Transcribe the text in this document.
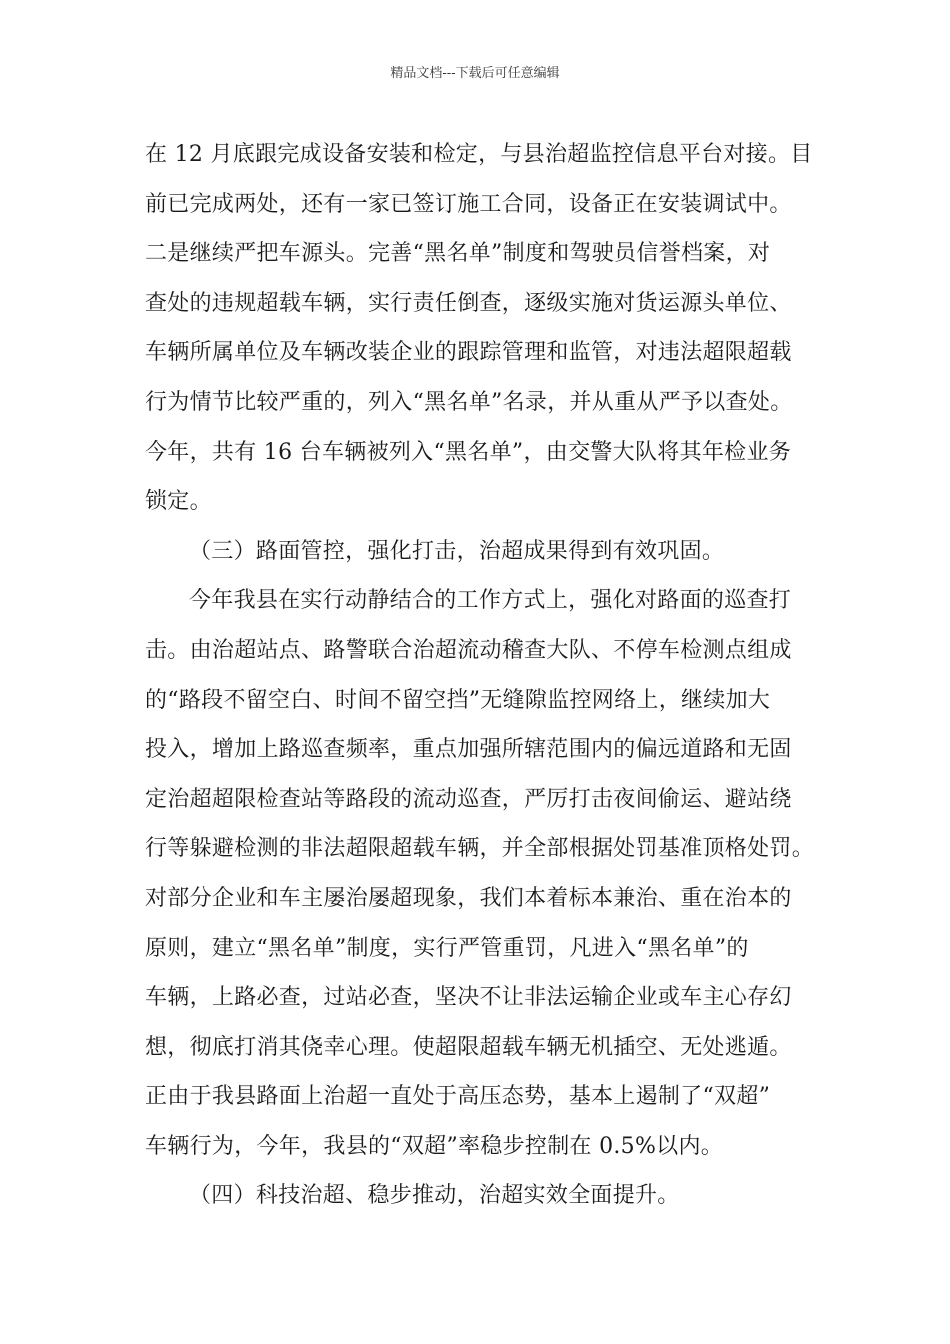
精品文档---下载后可任意编辑
在 12 月底跟完成设备安装和检定，与县治超监控信息平台对接。目
前已完成两处，还有一家已签订施工合同，设备正在安装调试中。
二是继续严把车源头。完善“黑名单”制度和驾驶员信誉档案，对
查处的违规超载车辆，实行责任倒查，逐级实施对货运源头单位、
车辆所属单位及车辆改装企业的跟踪管理和监管，对违法超限超载
行为情节比较严重的，列入“黑名单”名录，并从重从严予以查处。
今年，共有 16 台车辆被列入“黑名单”，由交警大队将其年检业务
锁定。
（三）路面管控，强化打击，治超成果得到有效巩固。
今年我县在实行动静结合的工作方式上，强化对路面的巡查打
击。由治超站点、路警联合治超流动稽查大队、不停车检测点组成
的“路段不留空白、时间不留空挡”无缝隙监控网络上，继续加大
投入，增加上路巡查频率，重点加强所辖范围内的偏远道路和无固
定治超超限检查站等路段的流动巡查，严厉打击夜间偷运、避站绕
行等躲避检测的非法超限超载车辆，并全部根据处罚基准顶格处罚。
对部分企业和车主屡治屡超现象，我们本着标本兼治、重在治本的
原则，建立“黑名单”制度，实行严管重罚，凡进入“黑名单”的
车辆，上路必查，过站必查，坚决不让非法运输企业或车主心存幻
想，彻底打消其侥幸心理。使超限超载车辆无机插空、无处逃遁。
正由于我县路面上治超一直处于高压态势，基本上遏制了“双超”
车辆行为，今年，我县的“双超”率稳步控制在 0.5%以内。
（四）科技治超、稳步推动，治超实效全面提升。
